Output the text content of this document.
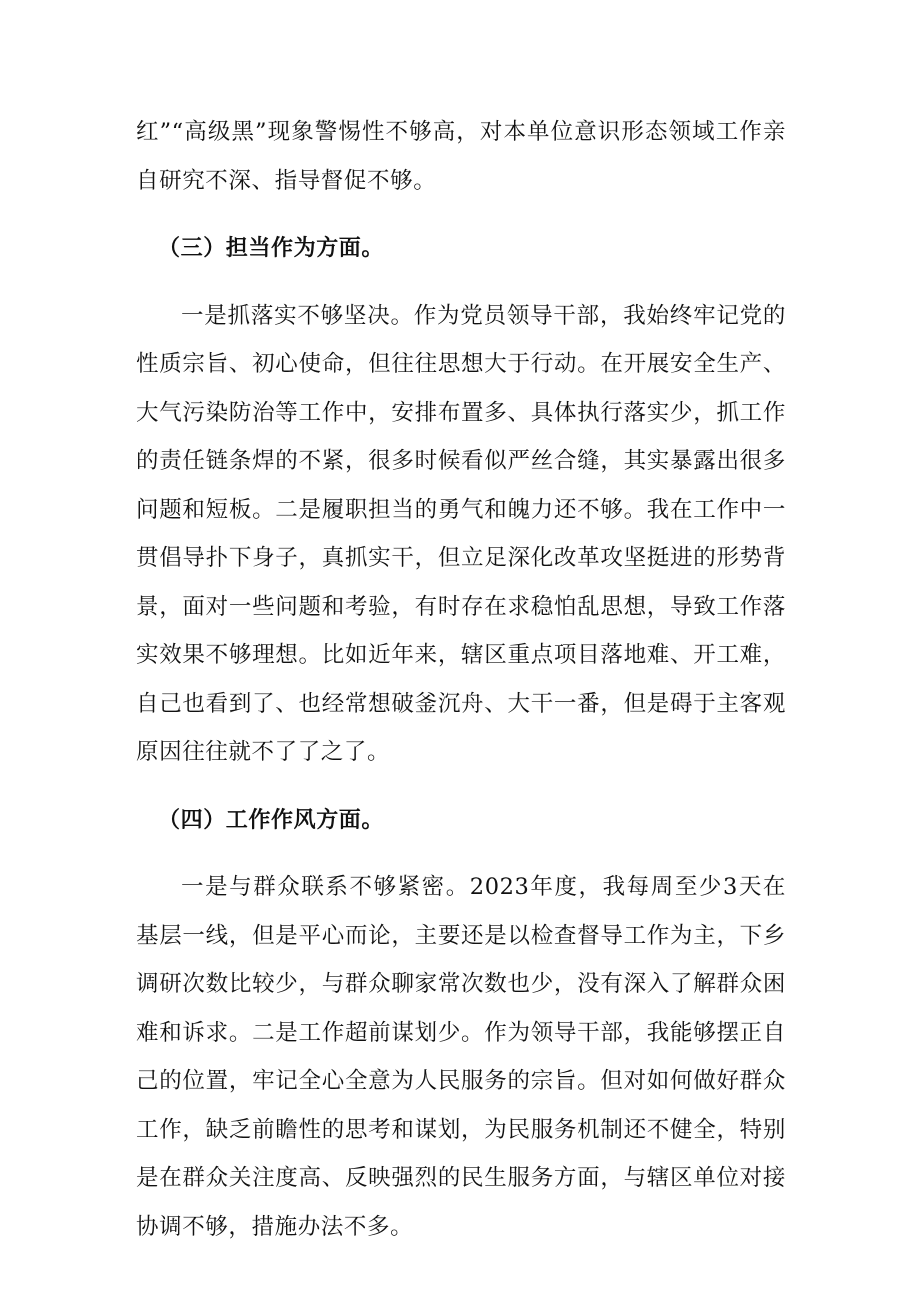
红”“高级黑”现象警惕性不够高，对本单位意识形态领域工作亲自研究不深、指导督促不够。

（三）担当作为方面。

一是抓落实不够坚决。作为党员领导干部，我始终牢记党的性质宗旨、初心使命，但往往思想大于行动。在开展安全生产、大气污染防治等工作中，安排布置多、具体执行落实少，抓工作的责任链条焊的不紧，很多时候看似严丝合缝，其实暴露出很多问题和短板。二是履职担当的勇气和魄力还不够。我在工作中一贯倡导扑下身子，真抓实干，但立足深化改革攻坚挺进的形势背景，面对一些问题和考验，有时存在求稳怕乱思想，导致工作落实效果不够理想。比如近年来，辖区重点项目落地难、开工难，自己也看到了、也经常想破釜沉舟、大干一番，但是碍于主客观原因往往就不了了之了。

（四）工作作风方面。

一是与群众联系不够紧密。2023年度，我每周至少3天在基层一线，但是平心而论，主要还是以检查督导工作为主，下乡调研次数比较少，与群众聊家常次数也少，没有深入了解群众困难和诉求。二是工作超前谋划少。作为领导干部，我能够摆正自己的位置，牢记全心全意为人民服务的宗旨。但对如何做好群众工作，缺乏前瞻性的思考和谋划，为民服务机制还不健全，特别是在群众关注度高、反映强烈的民生服务方面，与辖区单位对接协调不够，措施办法不多。
